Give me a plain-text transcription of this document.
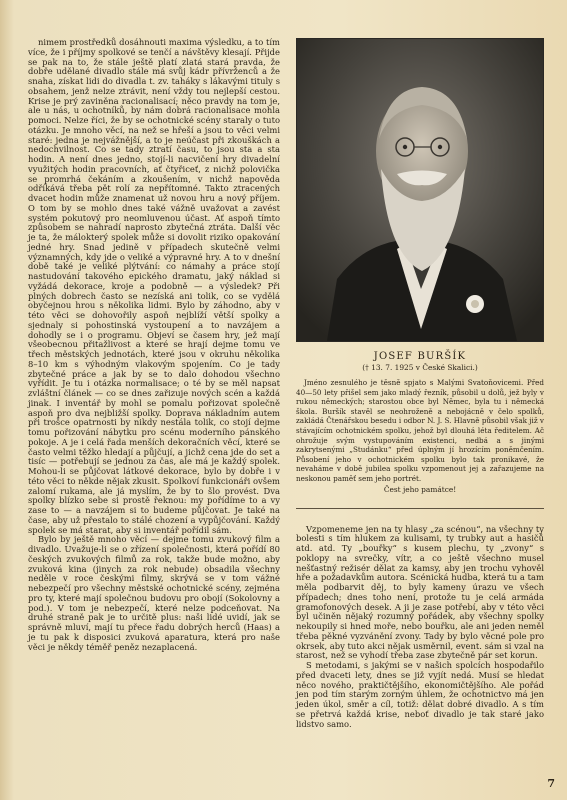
nimem prostředků dosáhnouti maxima výsledku, a to tím více, že i příjmy spolkové se tenčí a návštěvy klesají. Přijde se pak na to, že stále ještě platí zlatá stará pravda, že dobře udělané divadlo stále má svůj kádr přívrženců a že snaha, získat lidi do divadla t. zv. taháky s lákavými tituly s obsahem, jenž nelze ztrávit, není vždy tou nejlepší cestou. Krise je prý zaviněna racionalisací; něco pravdy na tom je, ale u nás, u ochotníků, by nám dobrá racionalisace mohla pomoci. Nelze říci, že by se ochotnické scény staraly o tuto otázku. Je mnoho věcí, na než se hřeší a jsou to věci velmi staré: jedna je nejvážnější, a to je neúčast při zkouškách a nedochvilnost. Co se tady ztratí času, to jsou sta a sta hodin. A není dnes jedno, stojí-li nacvičení hry divadelní využitých hodin pracovních, ať čtyřiceť, z nichž polovička se promrhá čekáním a zkoušením, v nichž napověda odříkává třeba pět rolí za nepřítomné. Takto ztracených dvacet hodin může znamenat už novou hru a nový příjem. O tom by se mohlo dnes také vážně uvažovat a zavést systém pokutový pro neomluvenou účast. Ať aspoň tímto způsobem se nahradí naprosto zbytečná ztráta. Další věc je ta, že málokterý spolek může si dovolit riziko opakování jedné hry. Snad jedině v případech skutečně velmi významných, kdy jde o veliké a výpravné hry. A to v dnešní době také je veliké plýtvání: co námahy a práce stojí nastudování takového epického dramatu, jaký náklad si vyžádá dekorace, kroje a podobně — a výsledek? Při plných dobrech často se nezíská ani tolik, co se vydělá obyčejnou hrou s několika lidmi. Bylo by záhodno, aby v této věci se dohovořily aspoň nejblíží větší spolky a sjednaly si pohostinská vystoupení a to navzájem a dohodly se i o programu. Objeví se časem hry, jež mají všeobecnou přitažlivost a které se hrají dejme tomu ve třech městských jednotách, které jsou v okruhu několika 8–10 km s výhodným vlakovým spojením. Co je tady zbytečné práce a jak by se to dalo dohodou všechno vyřídit. Je tu i otázka normalisace; o té by se měl napsat zvláštní článek — co se dnes zařizuje nových scén a každá jinak. I inventář by mohl se pomalu pořizovat společně aspoň pro dva nejbližší spolky. Doprava nákladním autem při trošce opatrnosti by nikdy nestála tolik, co stojí dejme tomu pořizování nábytku pro scénu moderního pánského pokoje. A je i celá řada menších dekoračních věcí, které se často velmi těžko hledají a půjčují, a jichž cena jde do set a tisíc — potřebují se jednou za čas, ale má je každý spolek. Mohou-li se půjčovat látkové dekorace, bylo by dobře i v této věci to někde nějak zkusit. Spolkoví funkcionáři ovšem zalomí rukama, ale já myslím, že by to šlo provést. Dva spolky blízko sebe si prostě řeknou: my pořídíme to a vy zase to — a navzájem si to budeme půjčovat. Je také na čase, aby už přestalo to stálé chození a vypůjčování. Každý spolek se má starat, aby si inventář pořídil sám.

Bylo by ještě mnoho věcí — dejme tomu zvukový film a divadlo. Uvažuje-li se o zřízení společnosti, která pořídí 80 českých zvukových filmů za rok, takže bude možno, aby zvuková kina (jinych za rok nebude) obsadila všechny neděle v roce českými filmy, skrývá se v tom vážné nebezpečí pro všechny městské ochotnické scény, zejména pro ty, které mají společnou budovu pro obojí (Sokolovny a pod.). V tom je nebezpečí, které nelze podceňovat. Na druhé straně pak je to určitě plus: naši lidé uvidí, jak se správně mluví, mají tu přece řadu dobrých herců (Haas) a je tu pak k disposici zvuková aparatura, která pro naše věci je někdy téměř peněz nezaplacená.

JOSEF BURŠÍK
(† 13. 7. 1925 v České Skalici.)
Jméno zesnulého je těsně spjato s Malými Svatoňovicemi. Před 40—50 lety přišel sem jako mladý řezník, působil u dolů, jež byly v rukou německých; starostou obce byl Němec, byla tu i německá škola. Buršík stavěl se neohroženě a nebojácně v čelo spolků, zakládá Čtenářskou besedu i odbor N. J. S. Hlavně působil však již v stávajícím ochotnickém spolku, jehož byl dlouhá léta ředitelem. Ač ohrožuje svým vystupováním existenci, nedbá a s jinými zakrytsenými „Studánku“ před úplným jí hrozícím poněmčením. Působení jeho v ochotnickém spolku bylo tak pronikavé, že nevaháme v době jubilea spolku vzpomenout jej a zařazujeme na neskonou paměť sem jeho portrét.
Čest jeho památce!

Vzpomeneme jen na ty hlasy „za scénou“, na všechny ty bolesti s tím hlukem za kulisami, ty trubky aut a hasičů atd. atd. Ty „bouřky“ s kusem plechu, ty „zvony“ s poklopy na svrečky, vítr, a co ještě všechno musel nešťastný režisér dělat za kamsy, aby jen trochu vyhověl hře a požadavkům autora. Scénická hudba, která tu a tam měla podbarvit děj, to byly kameny úrazu ve všech případech; dnes toho není, protože tu je celá armáda gramofonových desek. A ji je zase potřebí, aby v této věci byl učiněn nějaký rozumný pořádek, aby všechny spolky nekoupily si hned moře, nebo bouřku, ale ani jeden neměl třeba pěkné vyzvánění zvony. Tady by bylo věcné pole pro okrsek, aby tuto akci nějak usměrnil, event. sám si vzal na starost, než se vyhodí třeba zase zbytečně pár set korun.

S metodami, s jakými se v našich spolcích hospodařilo před dvaceti lety, dnes se již vyjít nedá. Musí se hledat něco nového, praktičtějšího, ekonomičtějšího. Ale pořád jen pod tím starým zorným úhlem, že ochotnictvo má jen jeden úkol, směr a cíl, totiž: dělat dobré divadlo. A s tím se přetrvá každá krise, neboť divadlo je tak staré jako lidstvo samo.

7
